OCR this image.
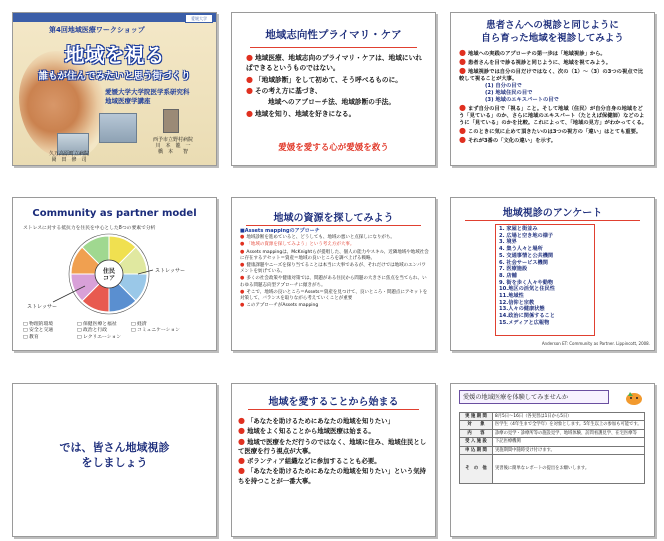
愛媛大学
第4回地域医療ワークショップ
地域を視る
誰もが住んでみたいと思う街づくり
愛媛大学大学院医学系研究科
地域医療学講座
久万高原町立病院
岡　田　修　司
西予市立野村病院
川　本　龍　一
橋　本　　智
地域志向性プライマリ・ケア
● 地域医療、地域志向のプライマリ・ケアは、地域にいればできるというものではない。
● 「地域診断」をして初めて、そう呼べるものに。
● その考え方に基づき、
地域へのアプローチ法、地域診断の手法。
● 地域を知り、地域を好きになる。
愛媛を愛する心が愛媛を救う
患者さんへの視診と同じように
自ら育った地域を視診してみよう
● 地域への実践のアプローチの第一歩は「地域視診」から。
● 患者さんを目で診る視診と同じように、地域を視てみよう。
● 地域視診では自分の目だけではなく、次の（1）〜（3）の3つの視点で比較して視ることが大事。
(1) 自分の目で
(2) 地域住民の目で
(3) 地域のエキスパートの目で
● まず自分の目で「視る」こと。そして地域（住民）が自分自身の地域をどう「見ている」のか、さらに地域のエキスパート（たとえば保健師）などのように「見ている」のかを比較。これによって、「地域の見方」がわかってくる。
● このときに気に止めて頂きたいのは3つの視方の「違い」はとても重要。
● それが3番の「文化の違い」を示す。
Community as partner model
ストレスに対する抵抗力を住民を中心とした8つの要素で分析
住民
コア
ストレッサー
ストレッサー
□ 物理的環境	□ 保健医療と福祉	□ 経済
□ 安全と交通	□ 政治と行政	□ コミュニケーション
□ 教育	□ レクリエーション
地域の資源を探してみよう
■Assets mappingのアプローチ
● 地域診断を進めていると、どうしても、地域の悪いと点探しになりがち。
● 「地域の資源を探してみよう」という考え方が大事。
● Assets mappingは、McKnightらが提唱した、個人の能力やスキル、近隣地域や地域社会に存在するアセット＝資産＝地域の良いところを調べ上げる戦略。
● 健康課題やニーズを探り当てることは本当に大事であるが、それだけでは地域のエンパワメントを妨げている。
● 多くの社会政策や健康対策では、問題がある住民から問題の大きさに焦点を当てられ、いわゆる問題志向型アプローチに傾きがち。
● そこで、地域の良いところ＝Assets＝資産を見つけて、良いところ・問題点にアセットを対策して、バランスを取りながら考えていくことが重要
● このアプローチがAssets mapping
地域視診のアンケート
1. 家屋と街並み
2. 広場と空き地の様子
3. 境界
4. 集う人々と場所
5. 交通事情と公共機関
6. 社会サービス機関
7. 医療施設
8. 店舗
9. 街を歩く人々や動物
10.地区の活気と住民性
11.地域性
12.信仰と宗教
13.人々の健康状態
14.政治に関係すること
15.メディアと広報物
Anderson ET: Community as Partner. Lippincott, 2008.
では、皆さん地域視診
をしましょう
地域を愛することから始まる
● 「あなたを助けるためにあなたの地域を知りたい」
● 地域をよく知ることから地域医療は始まる。
● 地域で医療をただ行うのではなく、地域に住み、地域住民として医療を行う視点が大事。
● ボランティア組織などに参加することも必要。
● 「あなたを助けるためにあなたの地域を知りたい」という気持ちを持つことが一番大事。
愛媛の地域医療を体験してみませんか
実 施 期 間	8月5日〜16日（各実習は1日から5日）
対　　象	医学生（4年生まで全学年）を対象とします。5年生以上の参加も可能です。
内　　容	診療の見学・診療所等の施設見学、地域体験、訪問看護見学、在宅医療等
受 入 施 設	下記医療機関
申 込 期 間	実施期間中随時受け付けます。
そ　の　他	実習後に簡単なレポートの提出をお願いします。
